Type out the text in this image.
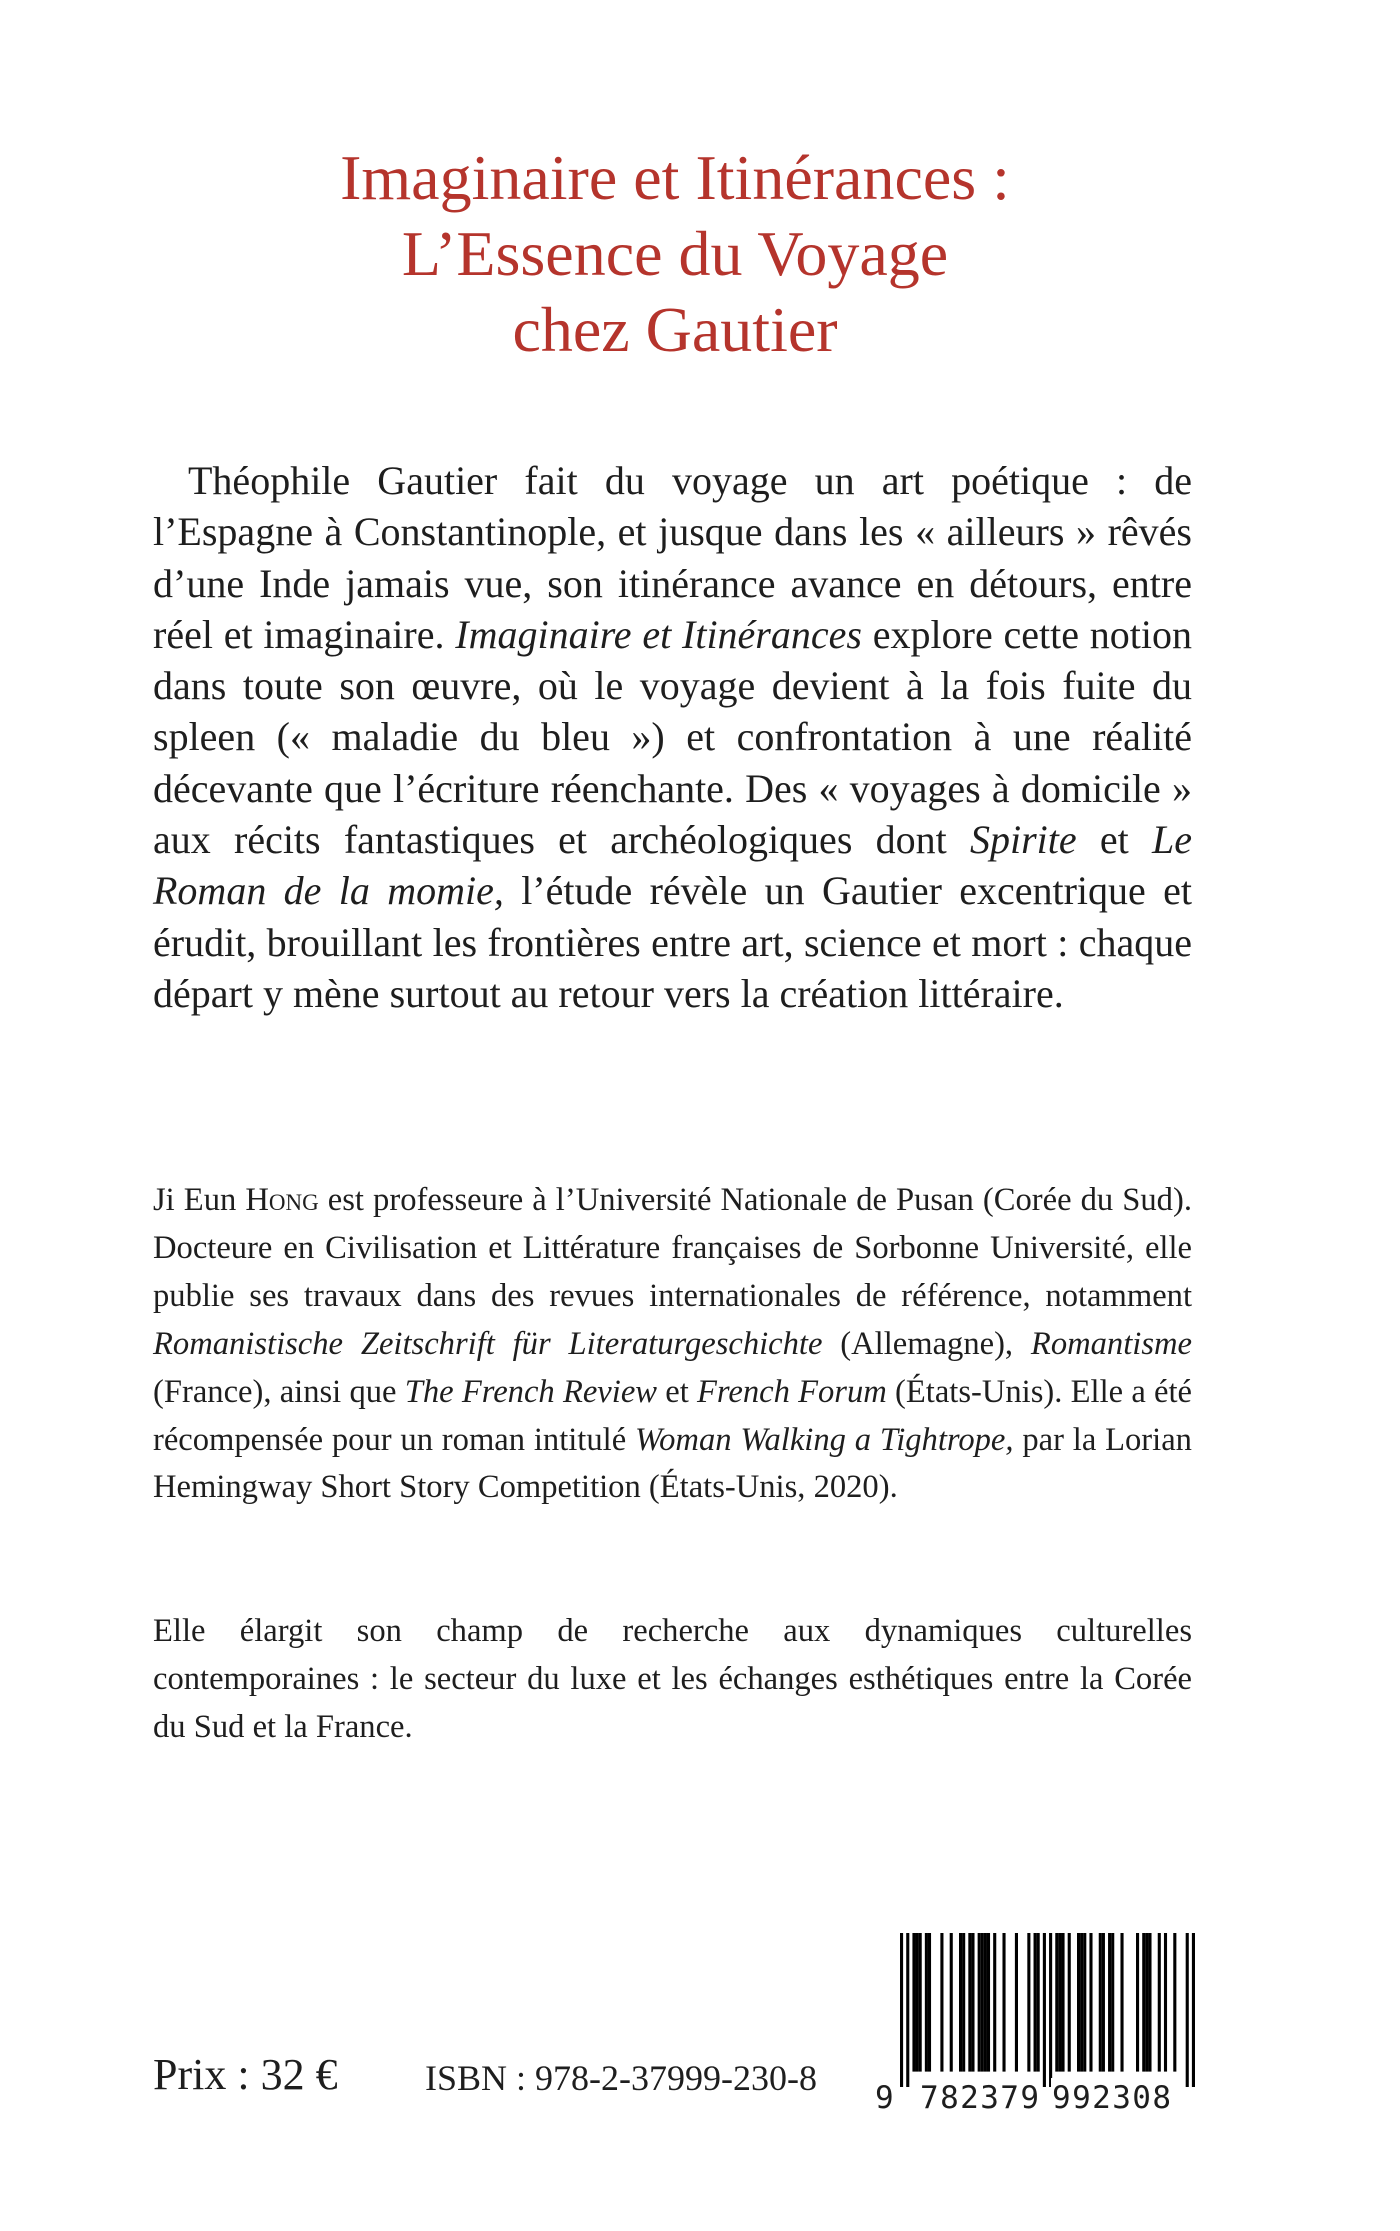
Imaginaire et Itinérances :
L’Essence du Voyage
chez Gautier

Théophile Gautier fait du voyage un art poétique : de l’Espagne à Constantinople, et jusque dans les « ailleurs » rêvés d’une Inde jamais vue, son itinérance avance en détours, entre réel et imaginaire. Imaginaire et Itinérances explore cette notion dans toute son œuvre, où le voyage devient à la fois fuite du spleen (« maladie du bleu ») et confrontation à une réalité décevante que l’écriture réenchante. Des « voyages à domicile » aux récits fantastiques et archéologiques dont Spirite et Le Roman de la momie, l’étude révèle un Gautier excentrique et érudit, brouillant les frontières entre art, science et mort : chaque départ y mène surtout au retour vers la création littéraire.

Ji Eun Hong est professeure à l’Université Nationale de Pusan (Corée du Sud). Docteure en Civilisation et Littérature françaises de Sorbonne Université, elle publie ses travaux dans des revues internationales de référence, notamment Romanistische Zeitschrift für Literaturgeschichte (Allemagne), Romantisme (France), ainsi que The French Review et French Forum (États-Unis). Elle a été récompensée pour un roman intitulé Woman Walking a Tightrope, par la Lorian Hemingway Short Story Competition (États-Unis, 2020).

Elle élargit son champ de recherche aux dynamiques culturelles contemporaines : le secteur du luxe et les échanges esthétiques entre la Corée du Sud et la France.

Prix : 32 € ISBN : 978-2-37999-230-8 9 782379 992308
